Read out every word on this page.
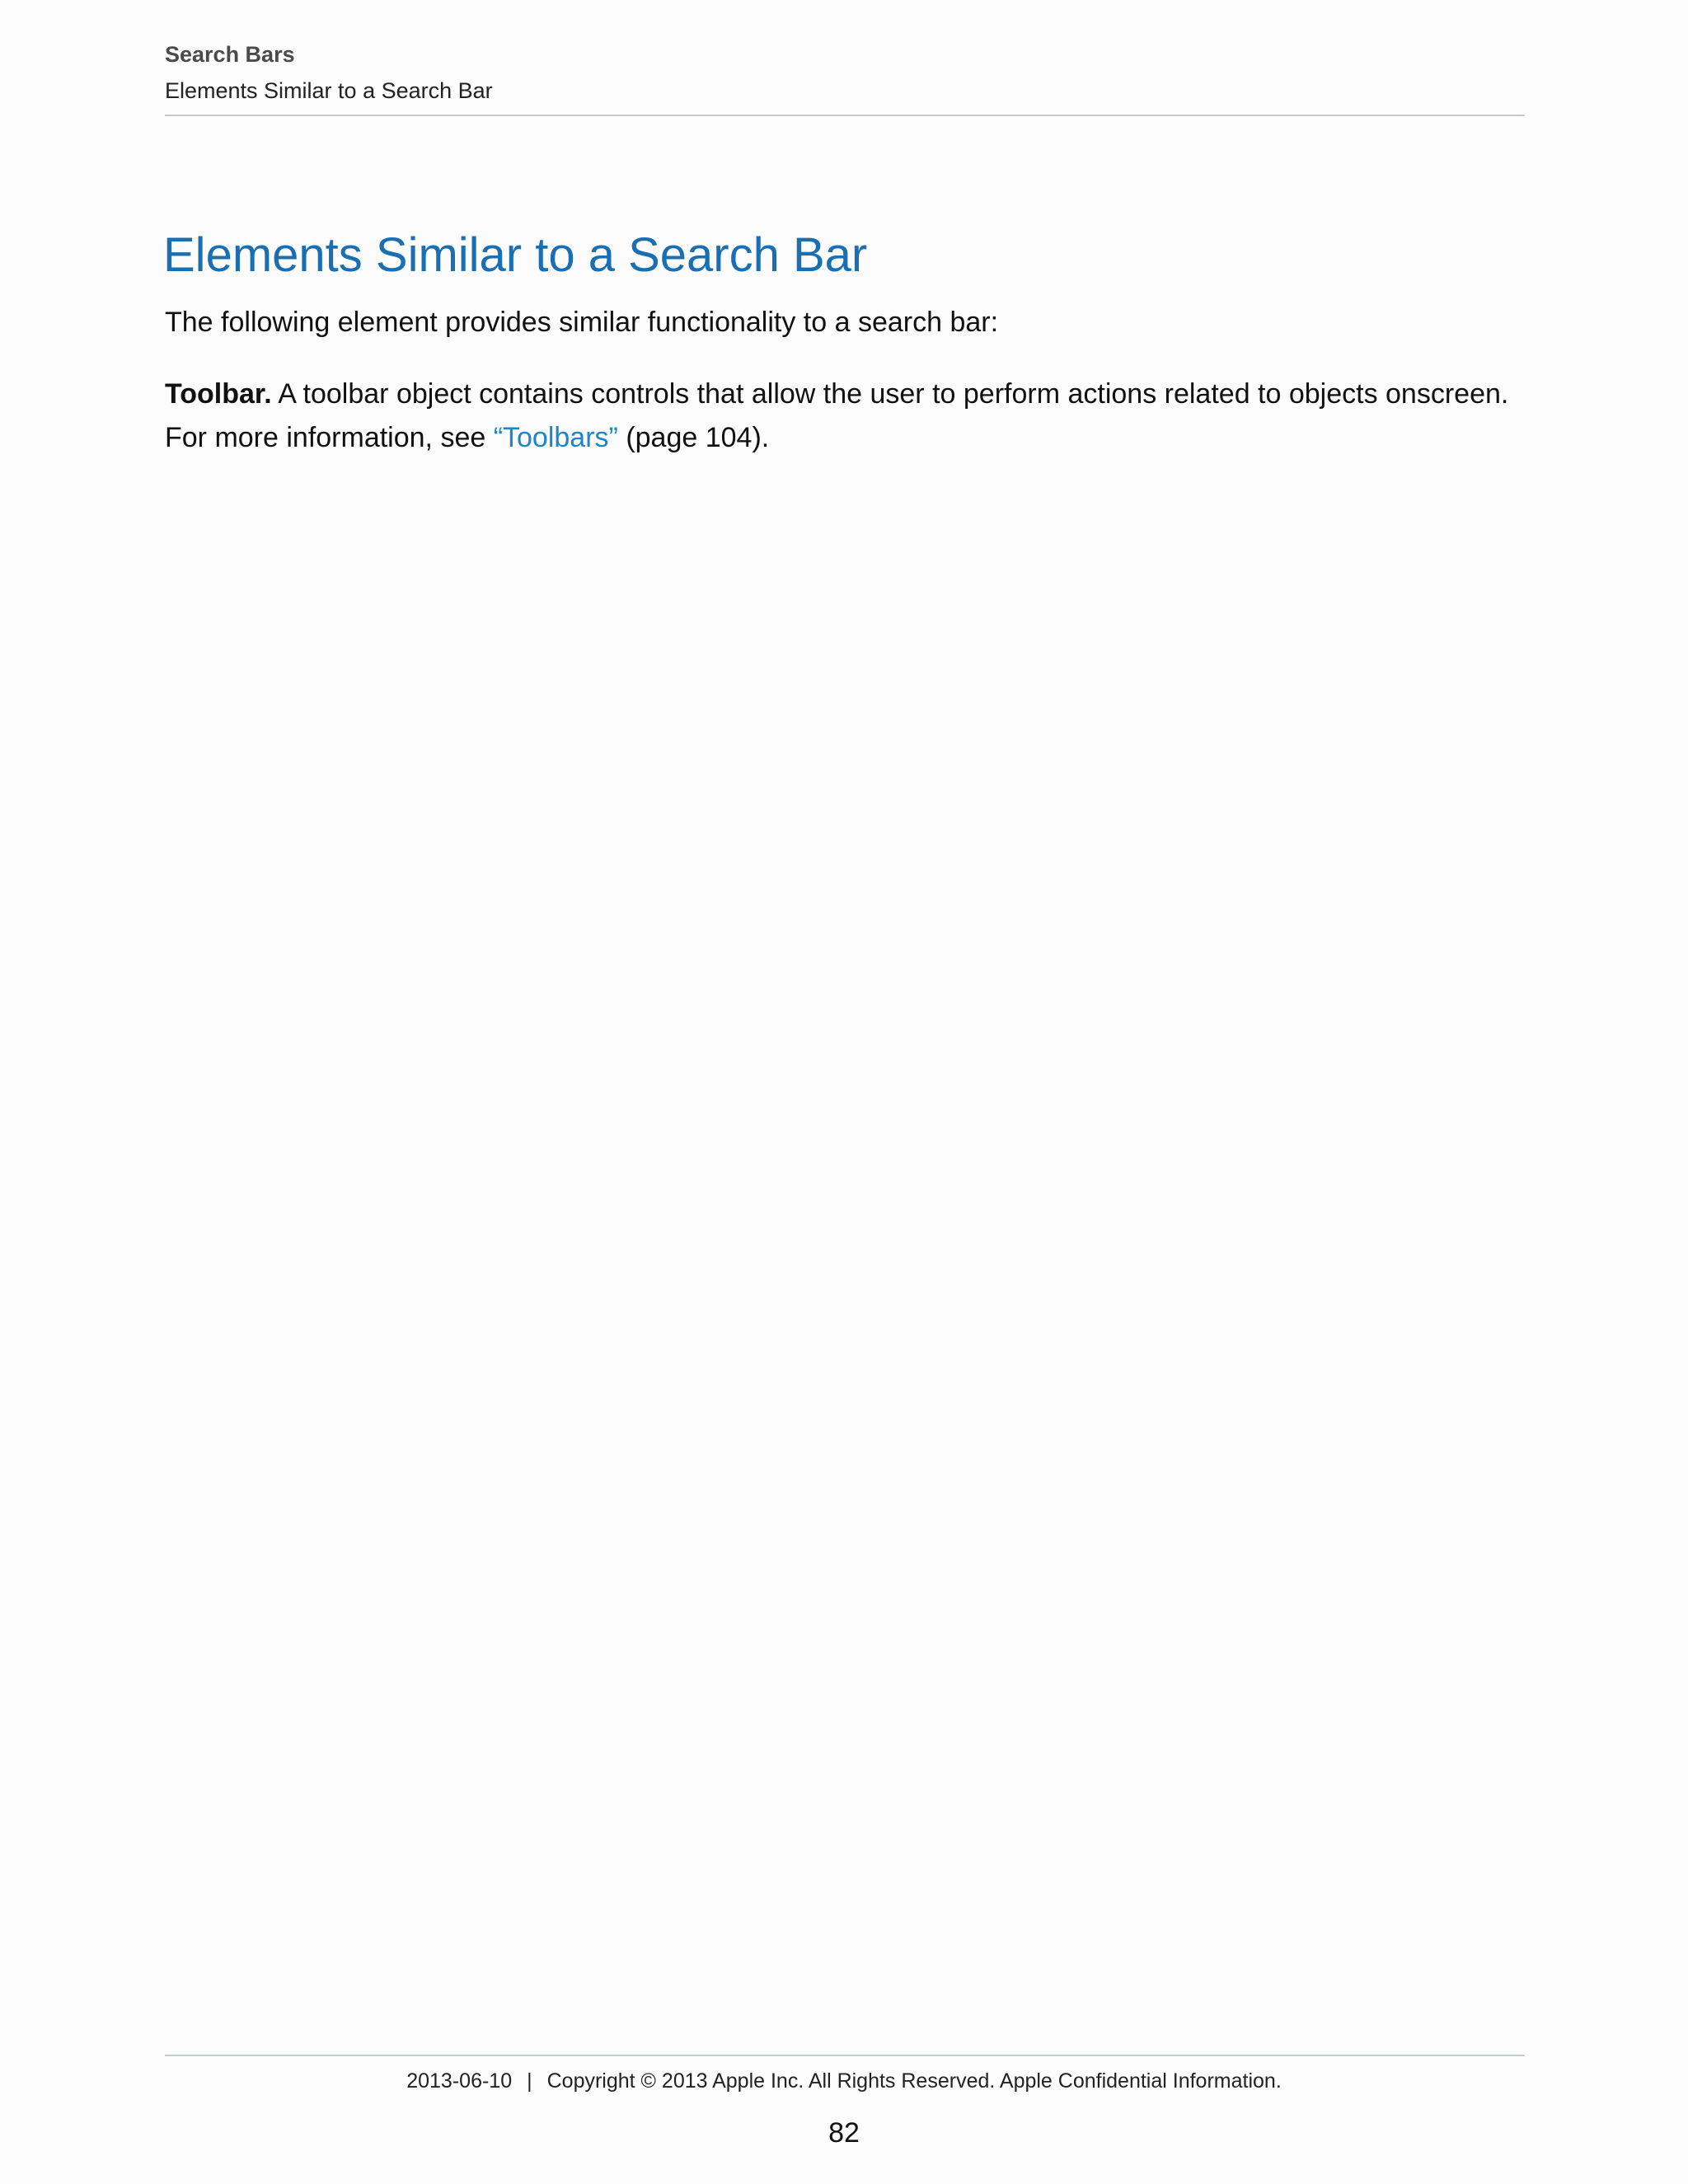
Search Bars
Elements Similar to a Search Bar
Elements Similar to a Search Bar

The following element provides similar functionality to a search bar:

Toolbar. A toolbar object contains controls that allow the user to perform actions related to objects onscreen. For more information, see “Toolbars” (page 104).

2013-06-10 | Copyright © 2013 Apple Inc. All Rights Reserved. Apple Confidential Information.
82
